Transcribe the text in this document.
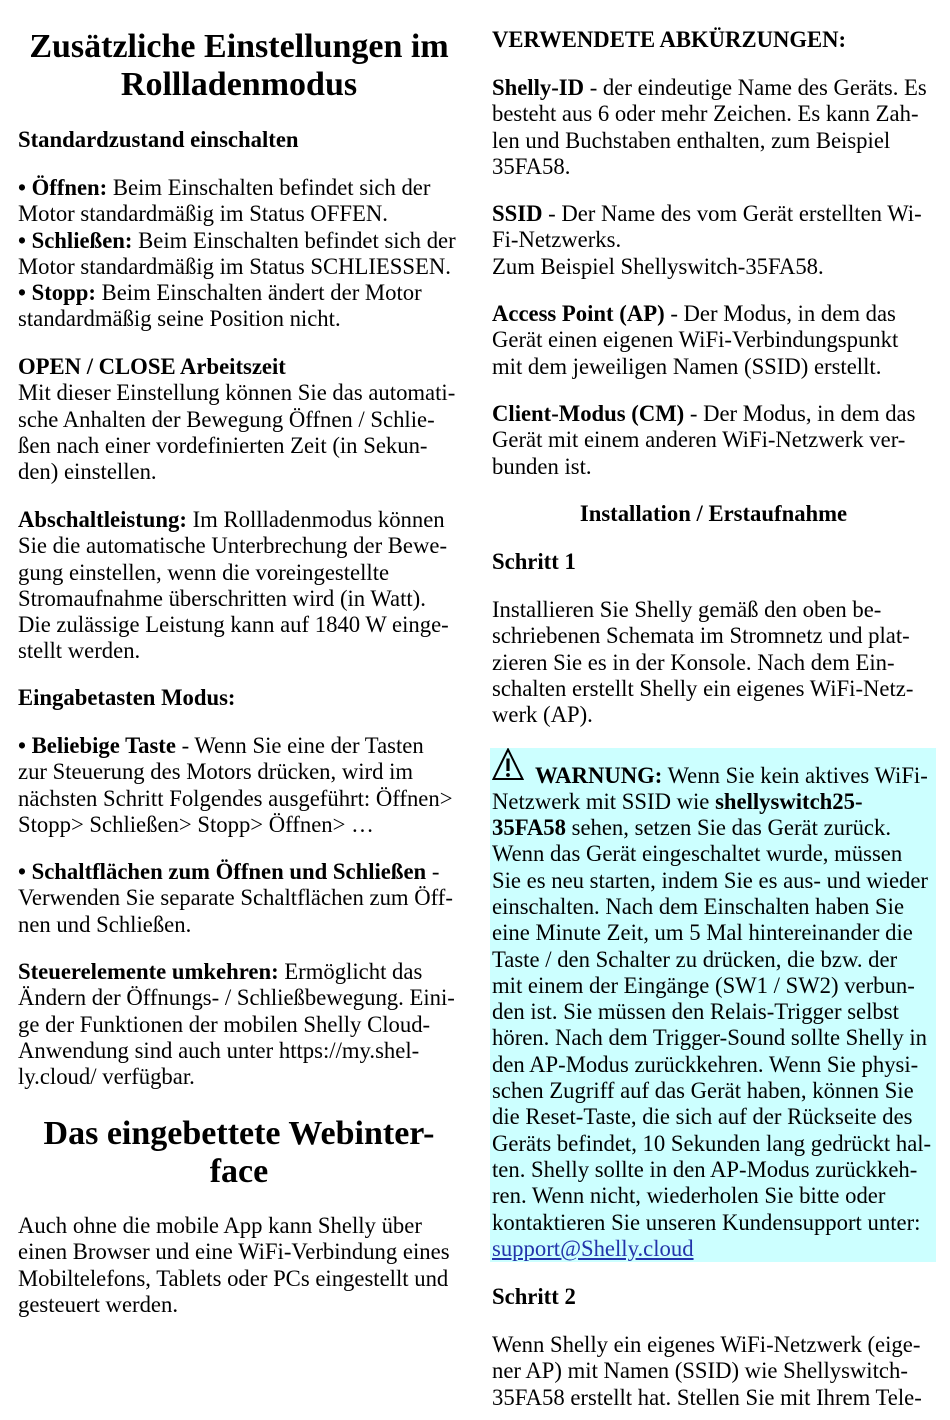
Zusätzliche Einstellungen im
Rollladenmodus
Standardzustand einschalten
• Öffnen: Beim Einschalten befindet sich der
Motor standardmäßig im Status OFFEN.
• Schließen: Beim Einschalten befindet sich der
Motor standardmäßig im Status SCHLIESSEN.
• Stopp: Beim Einschalten ändert der Motor
standardmäßig seine Position nicht.
OPEN / CLOSE Arbeitszeit
Mit dieser Einstellung können Sie das automati-
sche Anhalten der Bewegung Öffnen / Schlie-
ßen nach einer vordefinierten Zeit (in Sekun-
den) einstellen.
Abschaltleistung: Im Rollladenmodus können
Sie die automatische Unterbrechung der Bewe-
gung einstellen, wenn die voreingestellte
Stromaufnahme überschritten wird (in Watt).
Die zulässige Leistung kann auf 1840 W einge-
stellt werden.
Eingabetasten Modus:
• Beliebige Taste - Wenn Sie eine der Tasten
zur Steuerung des Motors drücken, wird im
nächsten Schritt Folgendes ausgeführt: Öffnen>
Stopp> Schließen> Stopp> Öffnen> …
• Schaltflächen zum Öffnen und Schließen -
Verwenden Sie separate Schaltflächen zum Öff-
nen und Schließen.
Steuerelemente umkehren: Ermöglicht das
Ändern der Öffnungs- / Schließbewegung. Eini-
ge der Funktionen der mobilen Shelly Cloud-
Anwendung sind auch unter https://my.shel-
ly.cloud/ verfügbar.
Das eingebettete Webinter-
face
Auch ohne die mobile App kann Shelly über
einen Browser und eine WiFi-Verbindung eines
Mobiltelefons, Tablets oder PCs eingestellt und
gesteuert werden.
VERWENDETE ABKÜRZUNGEN:
Shelly-ID - der eindeutige Name des Geräts. Es
besteht aus 6 oder mehr Zeichen. Es kann Zah-
len und Buchstaben enthalten, zum Beispiel
35FA58.
SSID - Der Name des vom Gerät erstellten Wi-
Fi-Netzwerks.
Zum Beispiel Shellyswitch-35FA58.
Access Point (AP) - Der Modus, in dem das
Gerät einen eigenen WiFi-Verbindungspunkt
mit dem jeweiligen Namen (SSID) erstellt.
Client-Modus (CM) - Der Modus, in dem das
Gerät mit einem anderen WiFi-Netzwerk ver-
bunden ist.
Installation / Erstaufnahme
Schritt 1
Installieren Sie Shelly gemäß den oben be-
schriebenen Schemata im Stromnetz und plat-
zieren Sie es in der Konsole. Nach dem Ein-
schalten erstellt Shelly ein eigenes WiFi-Netz-
werk (AP).
WARNUNG: Wenn Sie kein aktives WiFi-
Netzwerk mit SSID wie shellyswitch25-
35FA58 sehen, setzen Sie das Gerät zurück.
Wenn das Gerät eingeschaltet wurde, müssen
Sie es neu starten, indem Sie es aus- und wieder
einschalten. Nach dem Einschalten haben Sie
eine Minute Zeit, um 5 Mal hintereinander die
Taste / den Schalter zu drücken, die bzw. der
mit einem der Eingänge (SW1 / SW2) verbun-
den ist. Sie müssen den Relais-Trigger selbst
hören. Nach dem Trigger-Sound sollte Shelly in
den AP-Modus zurückkehren. Wenn Sie physi-
schen Zugriff auf das Gerät haben, können Sie
die Reset-Taste, die sich auf der Rückseite des
Geräts befindet, 10 Sekunden lang gedrückt hal-
ten. Shelly sollte in den AP-Modus zurückkeh-
ren. Wenn nicht, wiederholen Sie bitte oder
kontaktieren Sie unseren Kundensupport unter:
support@Shelly.cloud
Schritt 2
Wenn Shelly ein eigenes WiFi-Netzwerk (eige-
ner AP) mit Namen (SSID) wie Shellyswitch-
35FA58 erstellt hat. Stellen Sie mit Ihrem Tele-
